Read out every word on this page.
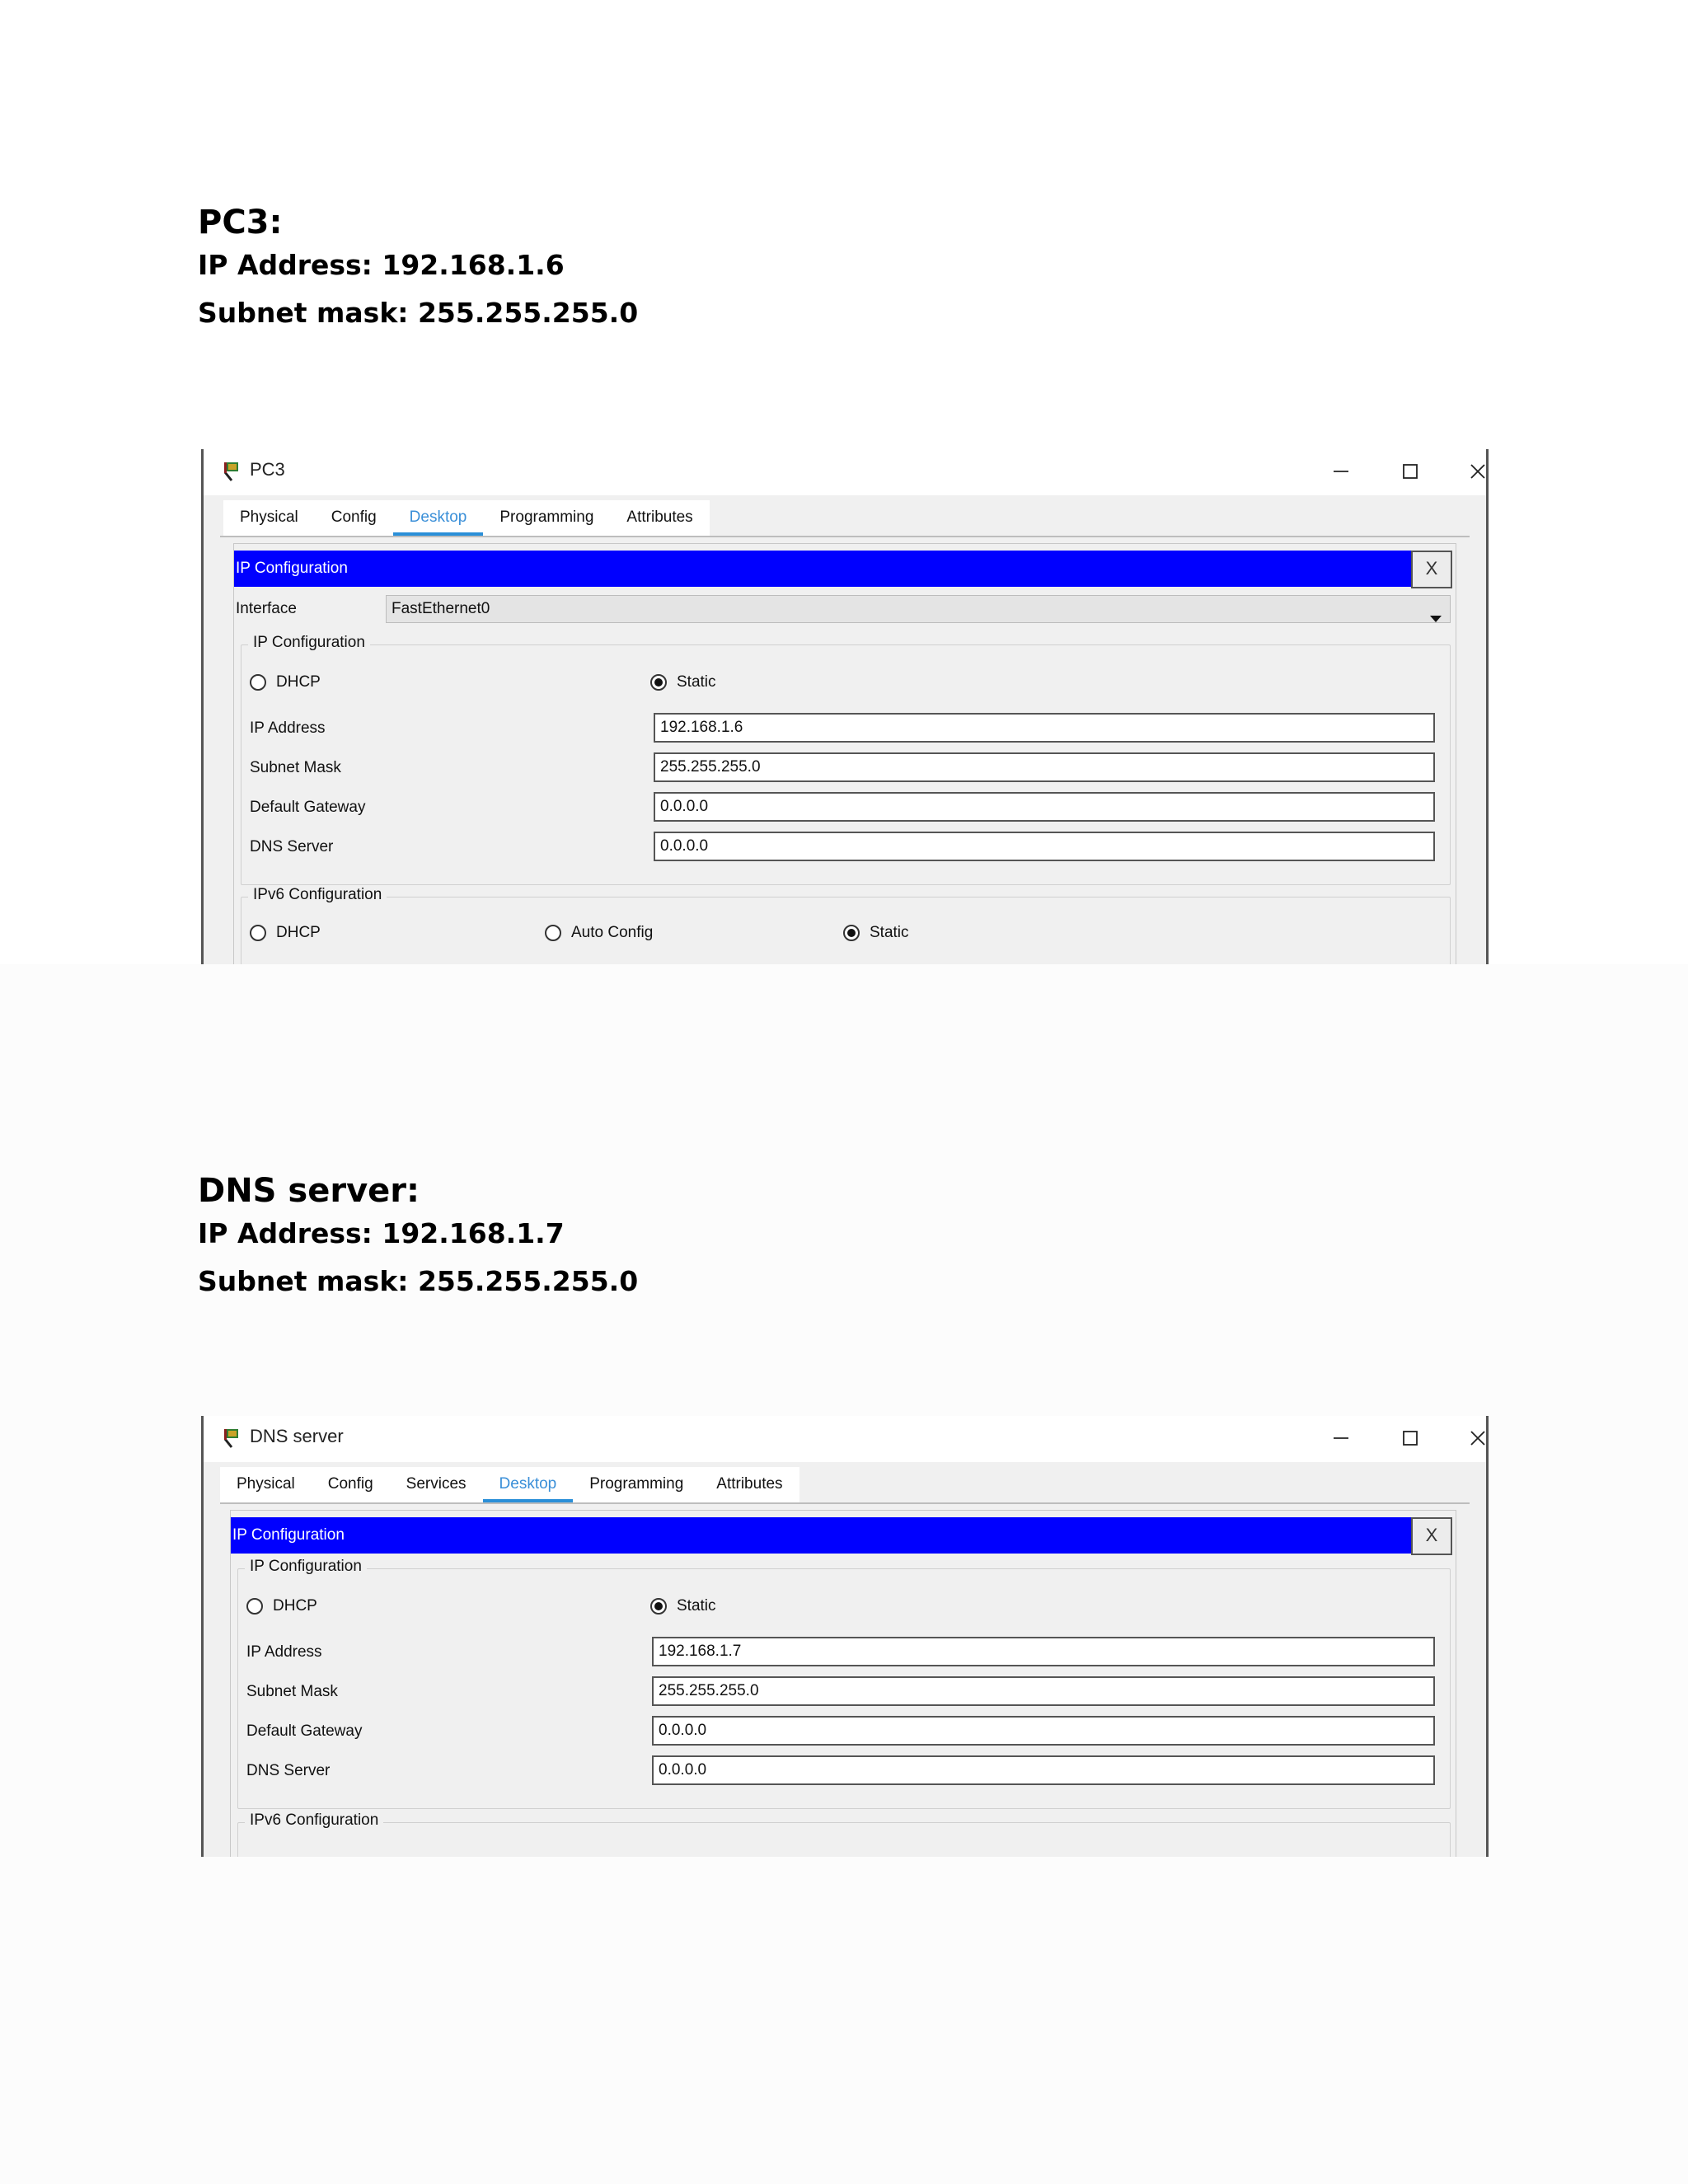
PC3:

IP Address: 192.168.1.6

Subnet mask: 255.255.255.0

PC3
Physical	Config	Desktop	Programming	Attributes
IP Configuration	X
Interface	FastEthernet0
IP Configuration
DHCP	Static
IP Address	192.168.1.6
Subnet Mask	255.255.255.0
Default Gateway	0.0.0.0
DNS Server	0.0.0.0
IPv6 Configuration
DHCP	Auto Config	Static

DNS server:

IP Address: 192.168.1.7

Subnet mask: 255.255.255.0

DNS server
Physical	Config	Services	Desktop	Programming	Attributes
IP Configuration	X
IP Configuration
DHCP	Static
IP Address	192.168.1.7
Subnet Mask	255.255.255.0
Default Gateway	0.0.0.0
DNS Server	0.0.0.0
IPv6 Configuration
